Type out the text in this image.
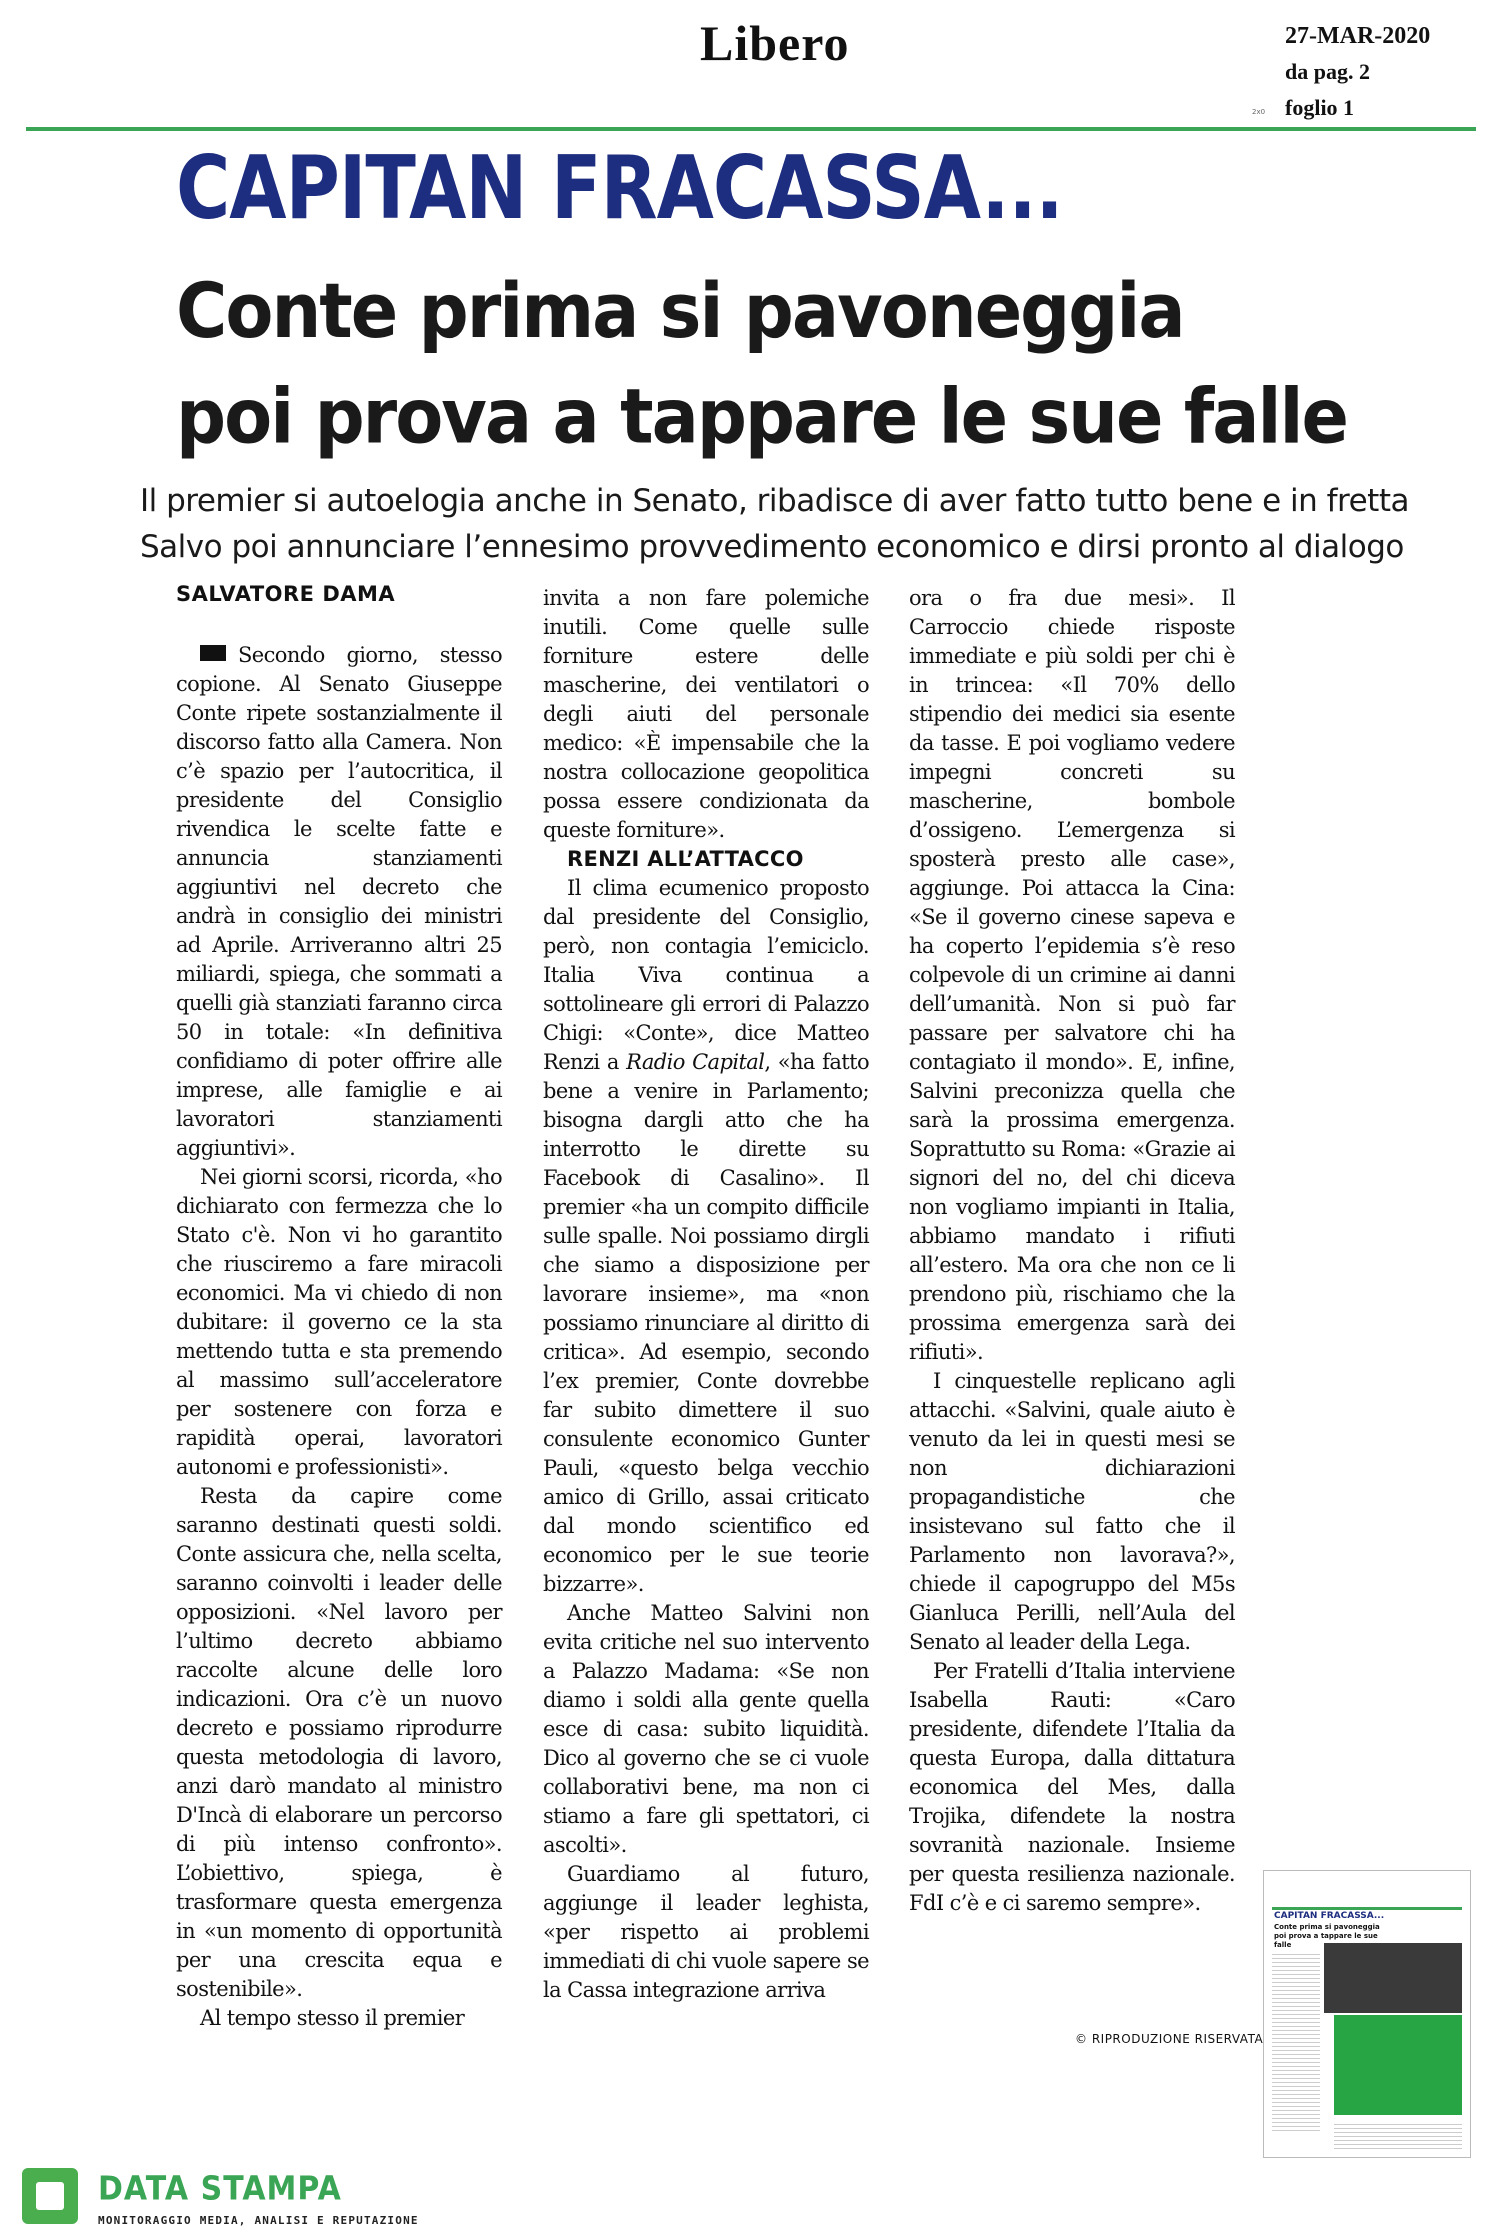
Libero	27-MAR-2020
da pag. 2
foglio 1
2x0
CAPITAN FRACASSA...
Conte prima si pavoneggia
poi prova a tappare le sue falle
Il premier si autoelogia anche in Senato, ribadisce di aver fatto tutto bene e in fretta
Salvo poi annunciare l’ennesimo provvedimento economico e dirsi pronto al dialogo
SALVATORE DAMA

Secondo giorno, stesso copione. Al Senato Giuseppe Conte ripete sostanzialmente il discorso fatto alla Camera. Non c’è spazio per l’autocritica, il presidente del Consiglio rivendica le scelte fatte e annuncia stanziamenti aggiuntivi nel decreto che andrà in consiglio dei ministri ad Aprile. Arriveranno altri 25 miliardi, spiega, che sommati a quelli già stanziati faranno circa 50 in totale: «In definitiva confidiamo di poter offrire alle imprese, alle famiglie e ai lavoratori stanziamenti aggiuntivi».

Nei giorni scorsi, ricorda, «ho dichiarato con fermezza che lo Stato c'è. Non vi ho garantito che riusciremo a fare miracoli economici. Ma vi chiedo di non dubitare: il governo ce la sta mettendo tutta e sta premendo al massimo sull’acceleratore per sostenere con forza e rapidità operai, lavoratori autonomi e professionisti».

Resta da capire come saranno destinati questi soldi. Conte assicura che, nella scelta, saranno coinvolti i leader delle opposizioni. «Nel lavoro per l’ultimo decreto abbiamo raccolte alcune delle loro indicazioni. Ora c’è un nuovo decreto e possiamo riprodurre questa metodologia di lavoro, anzi darò mandato al ministro D'Incà di elaborare un percorso di più intenso confronto». L’obiettivo, spiega, è trasformare questa emergenza in «un momento di opportunità per una crescita equa e sostenibile».

Al tempo stesso il premier

invita a non fare polemiche inutili. Come quelle sulle forniture estere delle mascherine, dei ventilatori o degli aiuti del personale medico: «È impensabile che la nostra collocazione geopolitica possa essere condizionata da queste forniture».

RENZI ALL’ATTACCO

Il clima ecumenico proposto dal presidente del Consiglio, però, non contagia l’emiciclo. Italia Viva continua a sottolineare gli errori di Palazzo Chigi: «Conte», dice Matteo Renzi a Radio Capital, «ha fatto bene a venire in Parlamento; bisogna dargli atto che ha interrotto le dirette su Facebook di Casalino». Il premier «ha un compito difficile sulle spalle. Noi possiamo dirgli che siamo a disposizione per lavorare insieme», ma «non possiamo rinunciare al diritto di critica». Ad esempio, secondo l’ex premier, Conte dovrebbe far subito dimettere il suo consulente economico Gunter Pauli, «questo belga vecchio amico di Grillo, assai criticato dal mondo scientifico ed economico per le sue teorie bizzarre».

Anche Matteo Salvini non evita critiche nel suo intervento a Palazzo Madama: «Se non diamo i soldi alla gente quella esce di casa: subito liquidità. Dico al governo che se ci vuole collaborativi bene, ma non ci stiamo a fare gli spettatori, ci ascolti».

Guardiamo al futuro, aggiunge il leader leghista, «per rispetto ai problemi immediati di chi vuole sapere se la Cassa integrazione arriva

ora o fra due mesi». Il Carroccio chiede risposte immediate e più soldi per chi è in trincea: «Il 70% dello stipendio dei medici sia esente da tasse. E poi vogliamo vedere impegni concreti su mascherine, bombole d’ossigeno. L’emergenza si sposterà presto alle case», aggiunge. Poi attacca la Cina: «Se il governo cinese sapeva e ha coperto l’epidemia s’è reso colpevole di un crimine ai danni dell’umanità. Non si può far passare per salvatore chi ha contagiato il mondo». E, infine, Salvini preconizza quella che sarà la prossima emergenza. Soprattutto su Roma: «Grazie ai signori del no, del chi diceva non vogliamo impianti in Italia, abbiamo mandato i rifiuti all’estero. Ma ora che non ce li prendono più, rischiamo che la prossima emergenza sarà dei rifiuti».

I cinquestelle replicano agli attacchi. «Salvini, quale aiuto è venuto da lei in questi mesi se non dichiarazioni propagandistiche che insistevano sul fatto che il Parlamento non lavorava?», chiede il capogruppo del M5s Gianluca Perilli, nell’Aula del Senato al leader della Lega.

Per Fratelli d’Italia interviene Isabella Rauti: «Caro presidente, difendete l’Italia da questa Europa, dalla dittatura economica del Mes, dalla Trojika, difendete la nostra sovranità nazionale. Insieme per questa resilienza nazionale. FdI c’è e ci saremo sempre».

© RIPRODUZIONE RISERVATA
CAPITAN FRACASSA...
Conte prima si pavoneggia poi prova a tappare le sue falle
DATA STAMPA
MONITORAGGIO MEDIA, ANALISI E REPUTAZIONE
